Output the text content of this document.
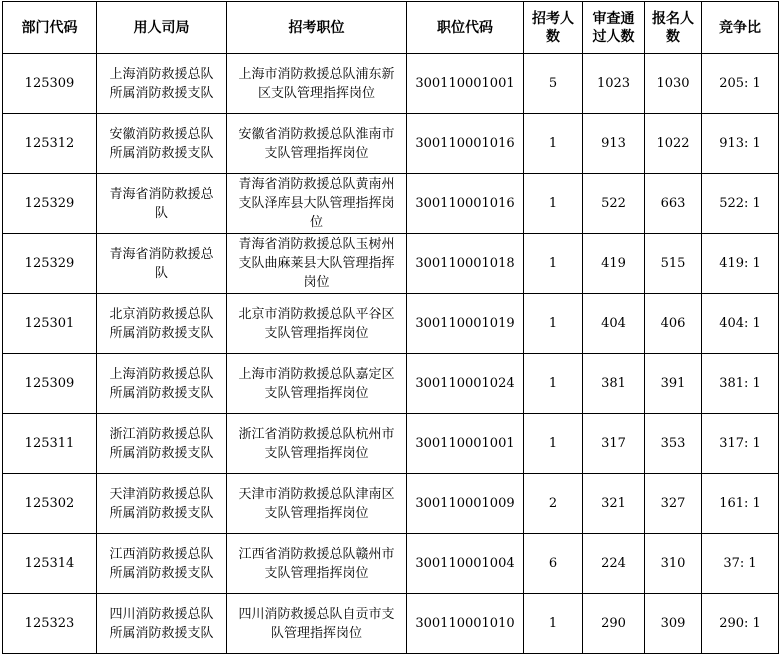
部门代码	用人司局	招考职位	职位代码	招考人数	审查通过人数	报名人数	竞争比
125309	上海消防救援总队所属消防救援支队	上海市消防救援总队浦东新区支队管理指挥岗位	300110001001	5	1023	1030	205: 1
125312	安徽消防救援总队所属消防救援支队	安徽省消防救援总队淮南市支队管理指挥岗位	300110001016	1	913	1022	913: 1
125329	青海省消防救援总队	青海省消防救援总队黄南州支队泽库县大队管理指挥岗位	300110001016	1	522	663	522: 1
125329	青海省消防救援总队	青海省消防救援总队玉树州支队曲麻莱县大队管理指挥岗位	300110001018	1	419	515	419: 1
125301	北京消防救援总队所属消防救援支队	北京市消防救援总队平谷区支队管理指挥岗位	300110001019	1	404	406	404: 1
125309	上海消防救援总队所属消防救援支队	上海市消防救援总队嘉定区支队管理指挥岗位	300110001024	1	381	391	381: 1
125311	浙江消防救援总队所属消防救援支队	浙江省消防救援总队杭州市支队管理指挥岗位	300110001001	1	317	353	317: 1
125302	天津消防救援总队所属消防救援支队	天津市消防救援总队津南区支队管理指挥岗位	300110001009	2	321	327	161: 1
125314	江西消防救援总队所属消防救援支队	江西省消防救援总队赣州市支队管理指挥岗位	300110001004	6	224	310	37: 1
125323	四川消防救援总队所属消防救援支队	四川消防救援总队自贡市支队管理指挥岗位	300110001010	1	290	309	290: 1
